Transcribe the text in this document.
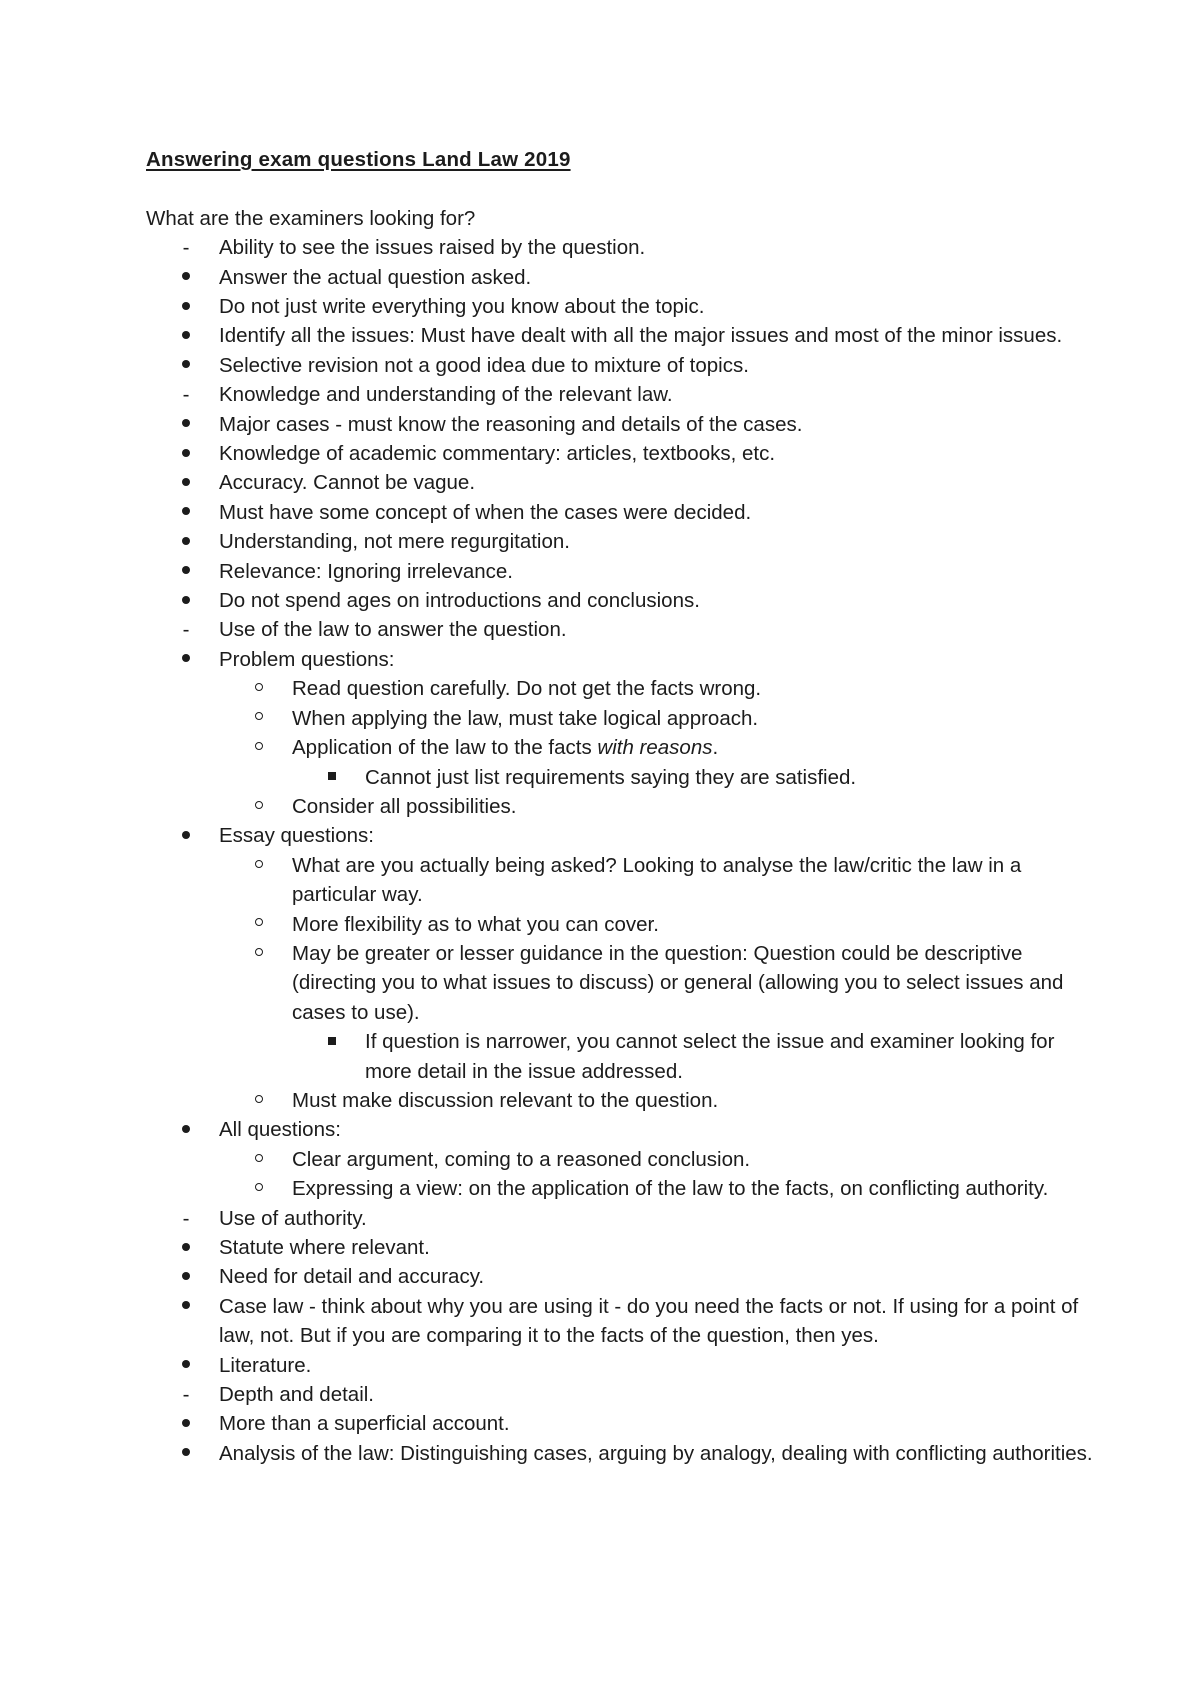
Answering exam questions Land Law 2019

What are the examiners looking for?

-	Ability to see the issues raised by the question.
Answer the actual question asked.
Do not just write everything you know about the topic.
Identify all the issues: Must have dealt with all the major issues and most of the minor issues.
Selective revision not a good idea due to mixture of topics.
-	Knowledge and understanding of the relevant law.
Major cases - must know the reasoning and details of the cases.
Knowledge of academic commentary: articles, textbooks, etc.
Accuracy. Cannot be vague.
Must have some concept of when the cases were decided.
Understanding, not mere regurgitation.
Relevance: Ignoring irrelevance.
Do not spend ages on introductions and conclusions.
-	Use of the law to answer the question.
Problem questions:
Read question carefully. Do not get the facts wrong.
When applying the law, must take logical approach.
Application of the law to the facts with reasons.
Cannot just list requirements saying they are satisfied.
Consider all possibilities.
Essay questions:
What are you actually being asked? Looking to analyse the law/critic the law in a particular way.
More flexibility as to what you can cover.
May be greater or lesser guidance in the question: Question could be descriptive (directing you to what issues to discuss) or general (allowing you to select issues and cases to use).
If question is narrower, you cannot select the issue and examiner looking for more detail in the issue addressed.
Must make discussion relevant to the question.
All questions:
Clear argument, coming to a reasoned conclusion.
Expressing a view: on the application of the law to the facts, on conflicting authority.
-	Use of authority.
Statute where relevant.
Need for detail and accuracy.
Case law - think about why you are using it - do you need the facts or not. If using for a point of law, not. But if you are comparing it to the facts of the question, then yes.
Literature.
-	Depth and detail.
More than a superficial account.
Analysis of the law: Distinguishing cases, arguing by analogy, dealing with conflicting authorities.
